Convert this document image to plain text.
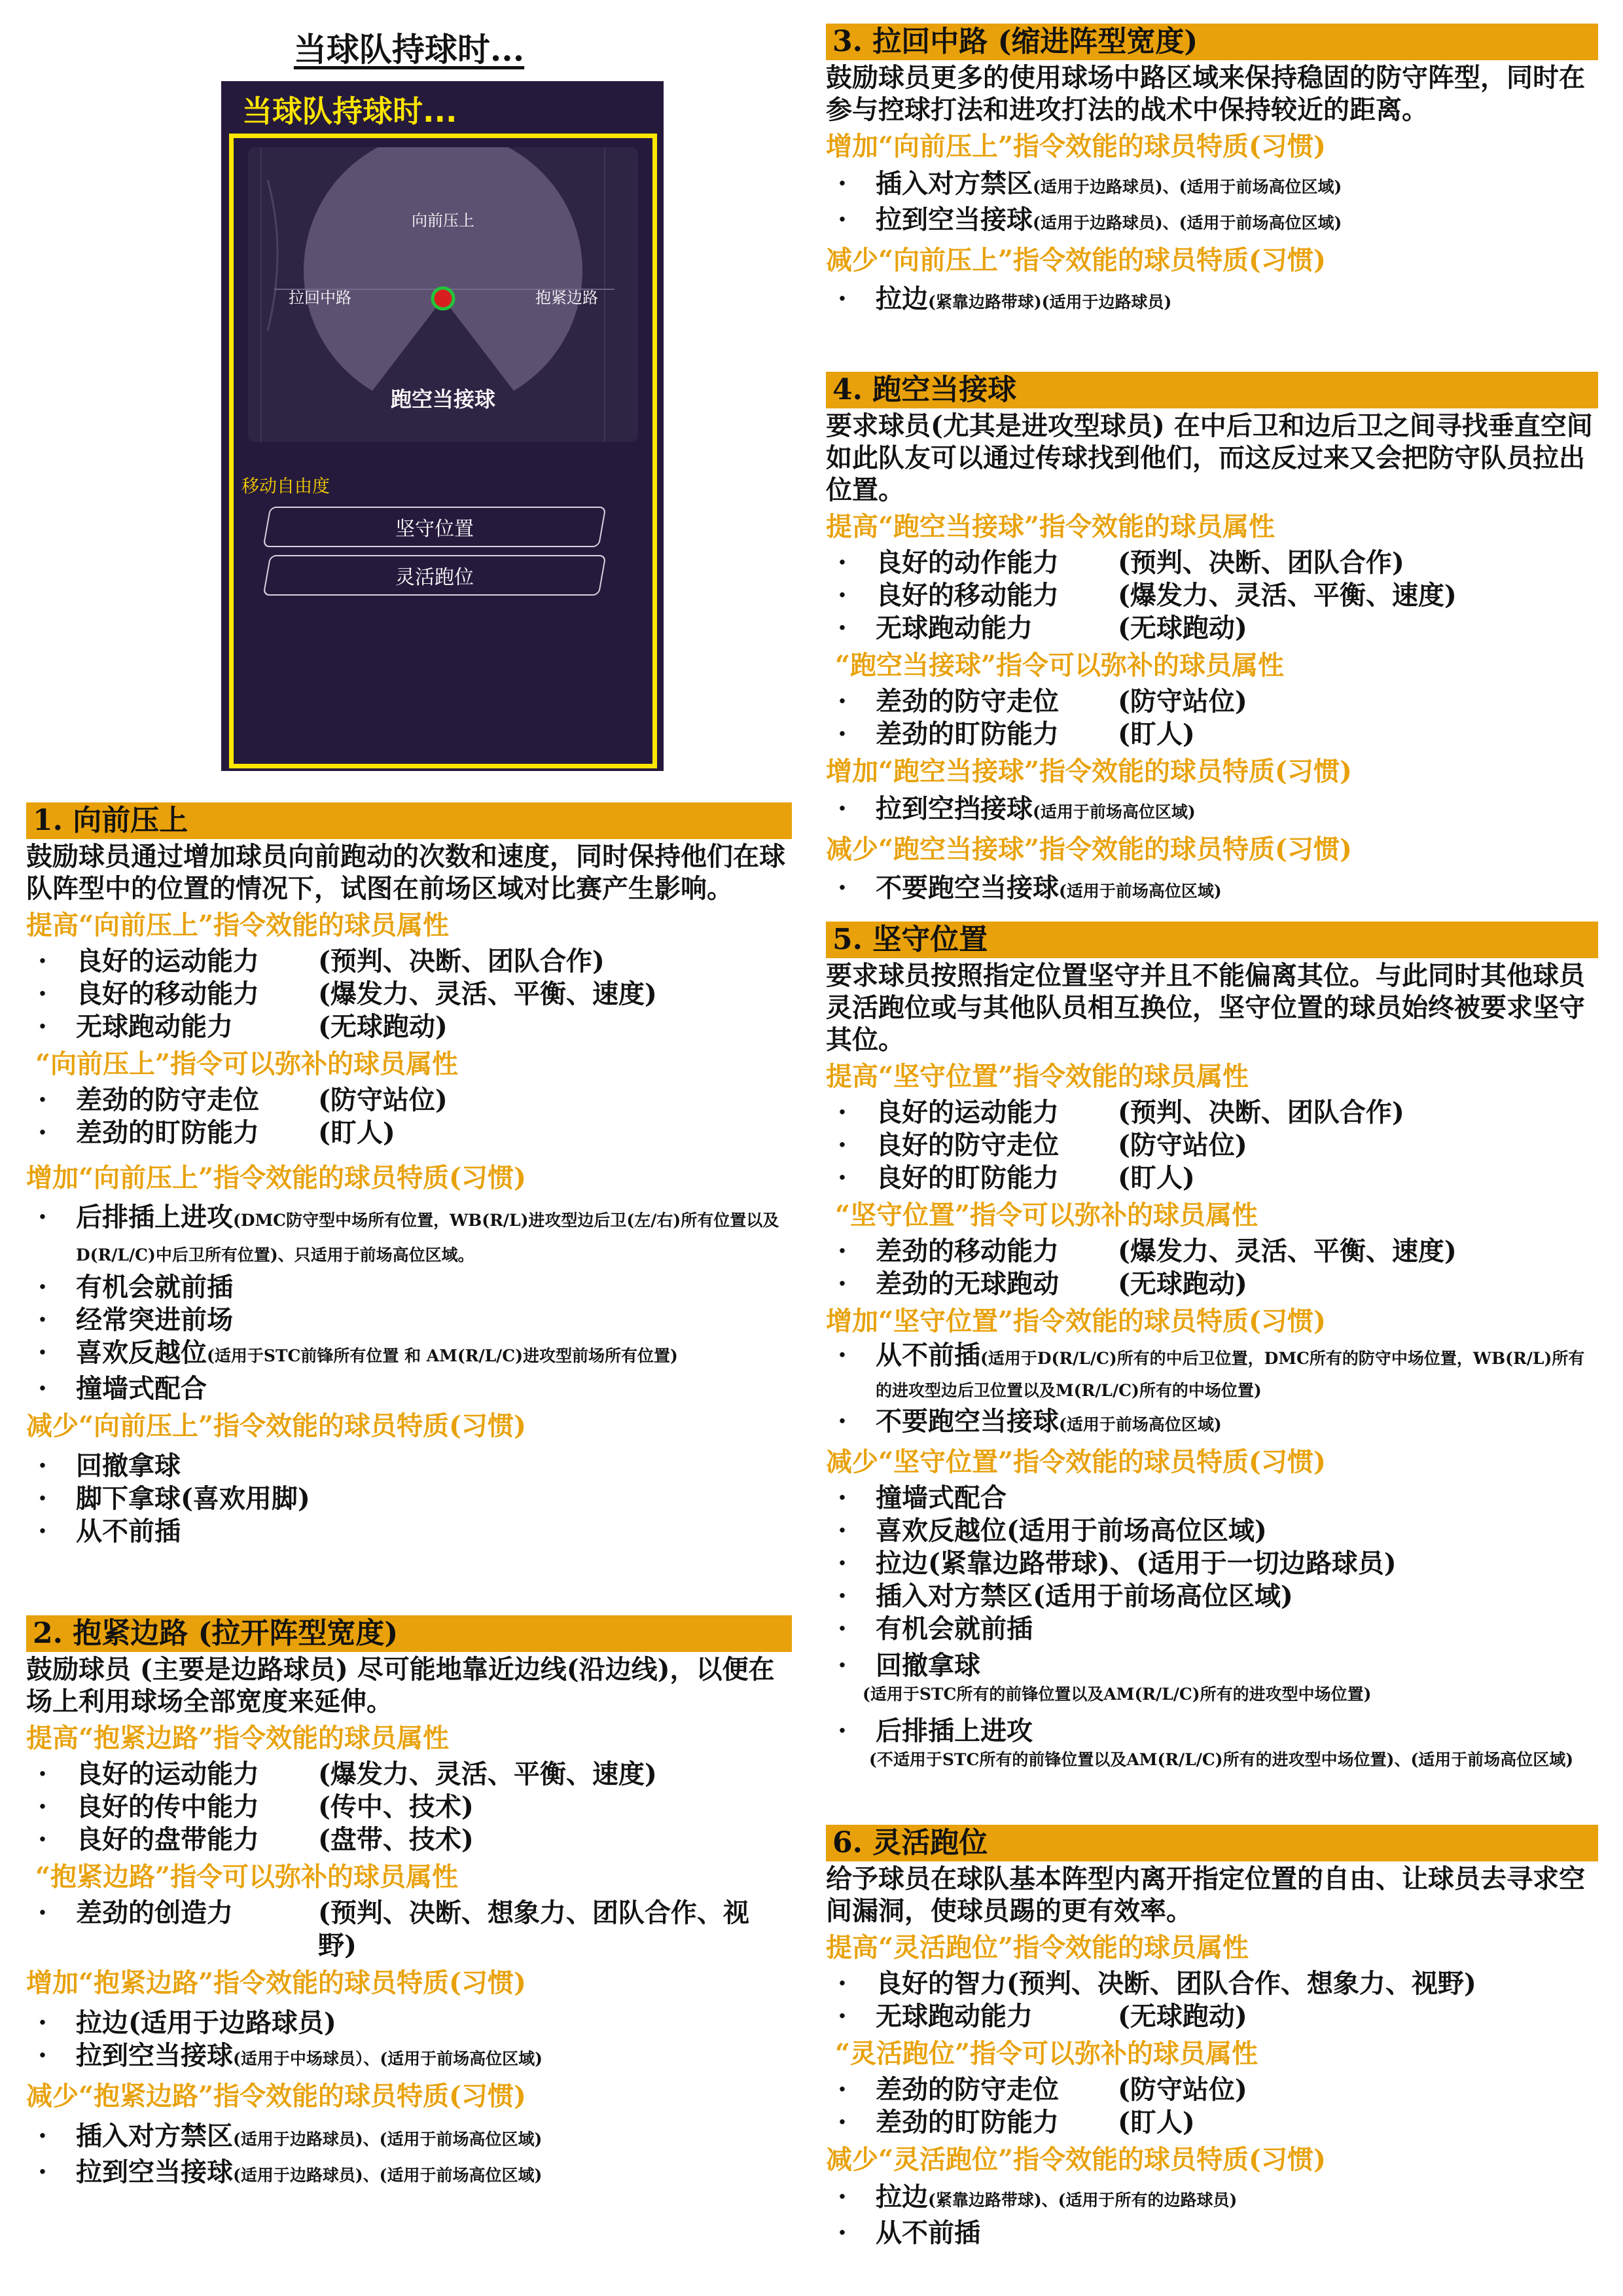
当球队持球时...
当球队持球时...
向前压上
拉回中路	抱紧边路
跑空当接球
移动自由度
坚守位置
灵活跑位
1. 向前压上
鼓励球员通过增加球员向前跑动的次数和速度，同时保持他们在球队阵型中的位置的情况下，试图在前场区域对比赛产生影响。
提高“向前压上”指令效能的球员属性
· 良好的运动能力 (预判、决断、团队合作)
· 良好的移动能力 (爆发力、灵活、平衡、速度)
· 无球跑动能力	(无球跑动)
“向前压上”指令可以弥补的球员属性
· 差劲的防守走位 (防守站位)
· 差劲的盯防能力 (盯人)
增加“向前压上”指令效能的球员特质(习惯)
· 后排插上进攻(DMC防守型中场所有位置，WB(R/L)进攻型边后卫(左/右)所有位置以及D(R/L/C)中后卫所有位置)、只适用于前场高位区域。
· 有机会就前插
· 经常突进前场
· 喜欢反越位(适用于STC前锋所有位置 和 AM(R/L/C)进攻型前场所有位置)
· 撞墙式配合
减少“向前压上”指令效能的球员特质(习惯)
· 回撤拿球
· 脚下拿球(喜欢用脚)
· 从不前插
2. 抱紧边路 (拉开阵型宽度)
鼓励球员 (主要是边路球员) 尽可能地靠近边线(沿边线)，以便在场上利用球场全部宽度来延伸。
提高“抱紧边路”指令效能的球员属性
· 良好的运动能力 (爆发力、灵活、平衡、速度)
· 良好的传中能力 (传中、技术)
· 良好的盘带能力 (盘带、技术)
“抱紧边路”指令可以弥补的球员属性
· 差劲的创造力	(预判、决断、想象力、团队合作、视野)
增加“抱紧边路”指令效能的球员特质(习惯)
· 拉边(适用于边路球员)
· 拉到空当接球(适用于中场球员）、(适用于前场高位区域)
减少“抱紧边路”指令效能的球员特质(习惯)
· 插入对方禁区(适用于边路球员)、(适用于前场高位区域)
· 拉到空当接球(适用于边路球员)、(适用于前场高位区域)
3. 拉回中路 (缩进阵型宽度)
鼓励球员更多的使用球场中路区域来保持稳固的防守阵型，同时在参与控球打法和进攻打法的战术中保持较近的距离。
增加“向前压上”指令效能的球员特质(习惯)
· 插入对方禁区(适用于边路球员)、(适用于前场高位区域)
· 拉到空当接球(适用于边路球员)、(适用于前场高位区域)
减少“向前压上”指令效能的球员特质(习惯)
· 拉边(紧靠边路带球)(适用于边路球员)
4. 跑空当接球
要求球员(尤其是进攻型球员) 在中后卫和边后卫之间寻找垂直空间 如此队友可以通过传球找到他们，而这反过来又会把防守队员拉出位置。
提高“跑空当接球”指令效能的球员属性
· 良好的动作能力 (预判、决断、团队合作)
· 良好的移动能力 (爆发力、灵活、平衡、速度)
· 无球跑动能力	(无球跑动)
“跑空当接球”指令可以弥补的球员属性
· 差劲的防守走位 (防守站位)
· 差劲的盯防能力 (盯人)
增加“跑空当接球”指令效能的球员特质(习惯)
· 拉到空挡接球(适用于前场高位区域)
减少“跑空当接球”指令效能的球员特质(习惯)
· 不要跑空当接球(适用于前场高位区域)
5. 坚守位置
要求球员按照指定位置坚守并且不能偏离其位。与此同时其他球员灵活跑位或与其他队员相互换位，坚守位置的球员始终被要求坚守其位。
提高“坚守位置”指令效能的球员属性
· 良好的运动能力 (预判、决断、团队合作)
· 良好的防守走位 (防守站位)
· 良好的盯防能力 (盯人)
“坚守位置”指令可以弥补的球员属性
· 差劲的移动能力 (爆发力、灵活、平衡、速度)
· 差劲的无球跑动 (无球跑动)
增加“坚守位置”指令效能的球员特质(习惯)
· 从不前插(适用于D(R/L/C)所有的中后卫位置，DMC所有的防守中场位置，WB(R/L)所有的进攻型边后卫位置以及M(R/L/C)所有的中场位置)
· 不要跑空当接球(适用于前场高位区域)
减少“坚守位置”指令效能的球员特质(习惯)
· 撞墙式配合
· 喜欢反越位(适用于前场高位区域)
· 拉边(紧靠边路带球)、(适用于一切边路球员)
· 插入对方禁区(适用于前场高位区域)
· 有机会就前插
· 回撤拿球
(适用于STC所有的前锋位置以及AM(R/L/C)所有的进攻型中场位置)
· 后排插上进攻
(不适用于STC所有的前锋位置以及AM(R/L/C)所有的进攻型中场位置)、(适用于前场高位区域)
6. 灵活跑位
给予球员在球队基本阵型内离开指定位置的自由、让球员去寻求空间漏洞，使球员踢的更有效率。
提高“灵活跑位”指令效能的球员属性
· 良好的智力(预判、决断、团队合作、想象力、视野)
· 无球跑动能力	(无球跑动)
“灵活跑位”指令可以弥补的球员属性
· 差劲的防守走位 (防守站位)
· 差劲的盯防能力 (盯人)
减少“灵活跑位”指令效能的球员特质(习惯)
· 拉边(紧靠边路带球)、(适用于所有的边路球员)
· 从不前插
